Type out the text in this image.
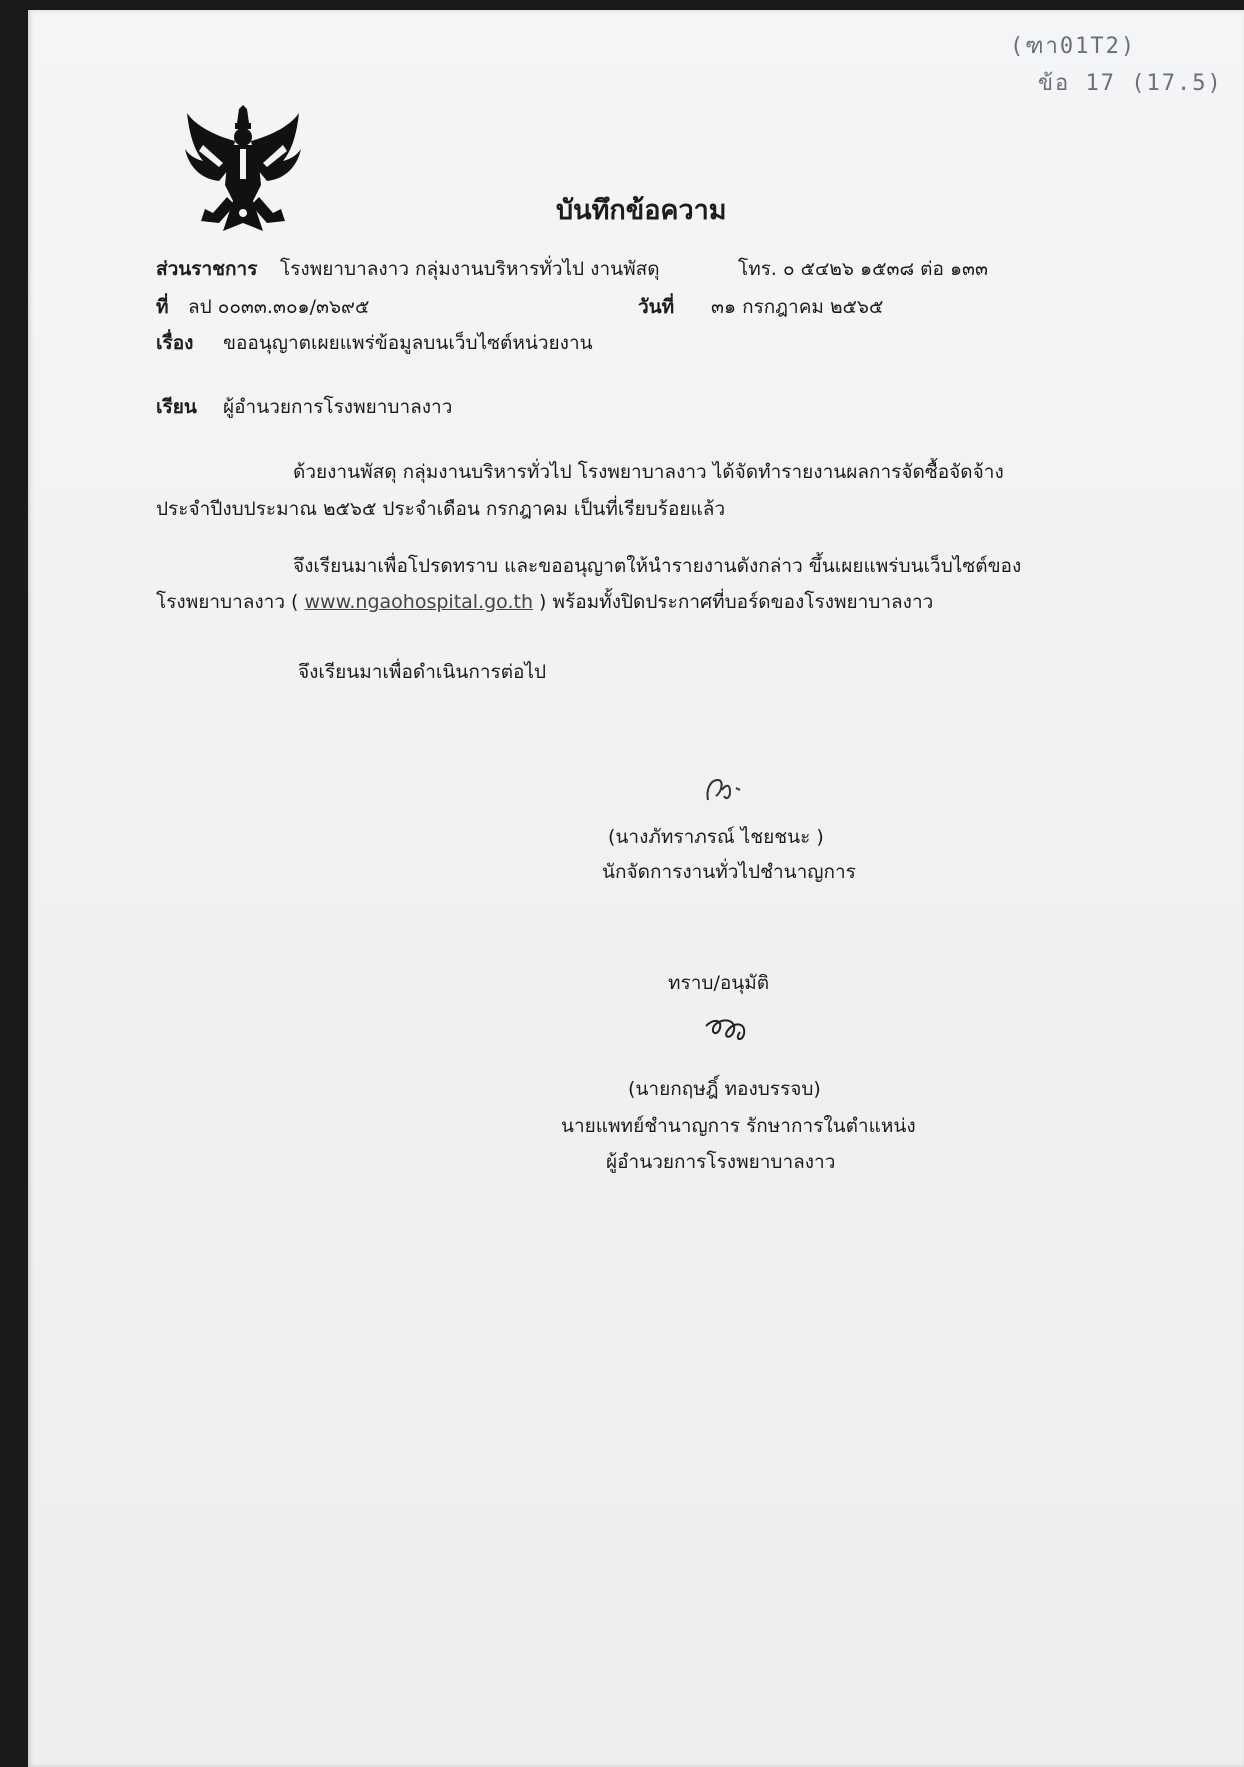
(ฑา01Т2)
ข้อ 17 (17.5)
บันทึกข้อความ
ส่วนราชการ โรงพยาบาลงาว กลุ่มงานบริหารทั่วไป งานพัสดุ	โทร. ๐ ๕๔๒๖ ๑๕๓๘ ต่อ ๑๓๓
ที่ ลป ๐๐๓๓.๓๐๑/๓๖๙๕	วันที่ ๓๑ กรกฎาคม ๒๕๖๕
เรื่อง ขออนุญาตเผยแพร่ข้อมูลบนเว็บไซต์หน่วยงาน
เรียน ผู้อำนวยการโรงพยาบาลงาว
ด้วยงานพัสดุ กลุ่มงานบริหารทั่วไป โรงพยาบาลงาว ได้จัดทำรายงานผลการจัดซื้อจัดจ้าง
ประจำปีงบประมาณ ๒๕๖๕ ประจำเดือน กรกฎาคม เป็นที่เรียบร้อยแล้ว
จึงเรียนมาเพื่อโปรดทราบ และขออนุญาตให้นำรายงานดังกล่าว ขึ้นเผยแพร่บนเว็บไซต์ของ
โรงพยาบาลงาว ( www.ngaohospital.go.th ) พร้อมทั้งปิดประกาศที่บอร์ดของโรงพยาบาลงาว
จึงเรียนมาเพื่อดำเนินการต่อไป
(นางภัทราภรณ์ ไชยชนะ )
นักจัดการงานทั่วไปชำนาญการ
ทราบ/อนุมัติ
(นายกฤษฎิ์ ทองบรรจบ)
นายแพทย์ชำนาญการ รักษาการในตำแหน่ง
ผู้อำนวยการโรงพยาบาลงาว
